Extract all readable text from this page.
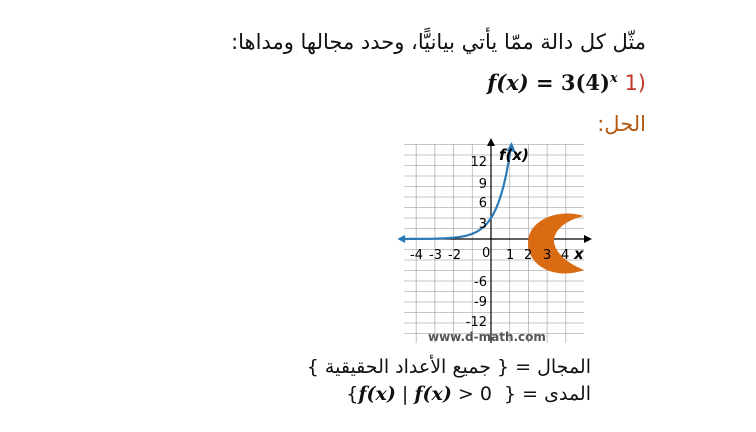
مثّل كل دالة ممّا يأتي بيانيًّا، وحدد مجالها ومداها:
$f(x) = 3(4)^x$ 1)
الحل:
f(x)
x
-4 -3 -2 0 1 2 3 4
12
9
6
3
-6
-9
-12
www.d-math.com
المجال = { جميع الأعداد الحقيقية }
المدى = { f(x) | f(x) > 0 }
